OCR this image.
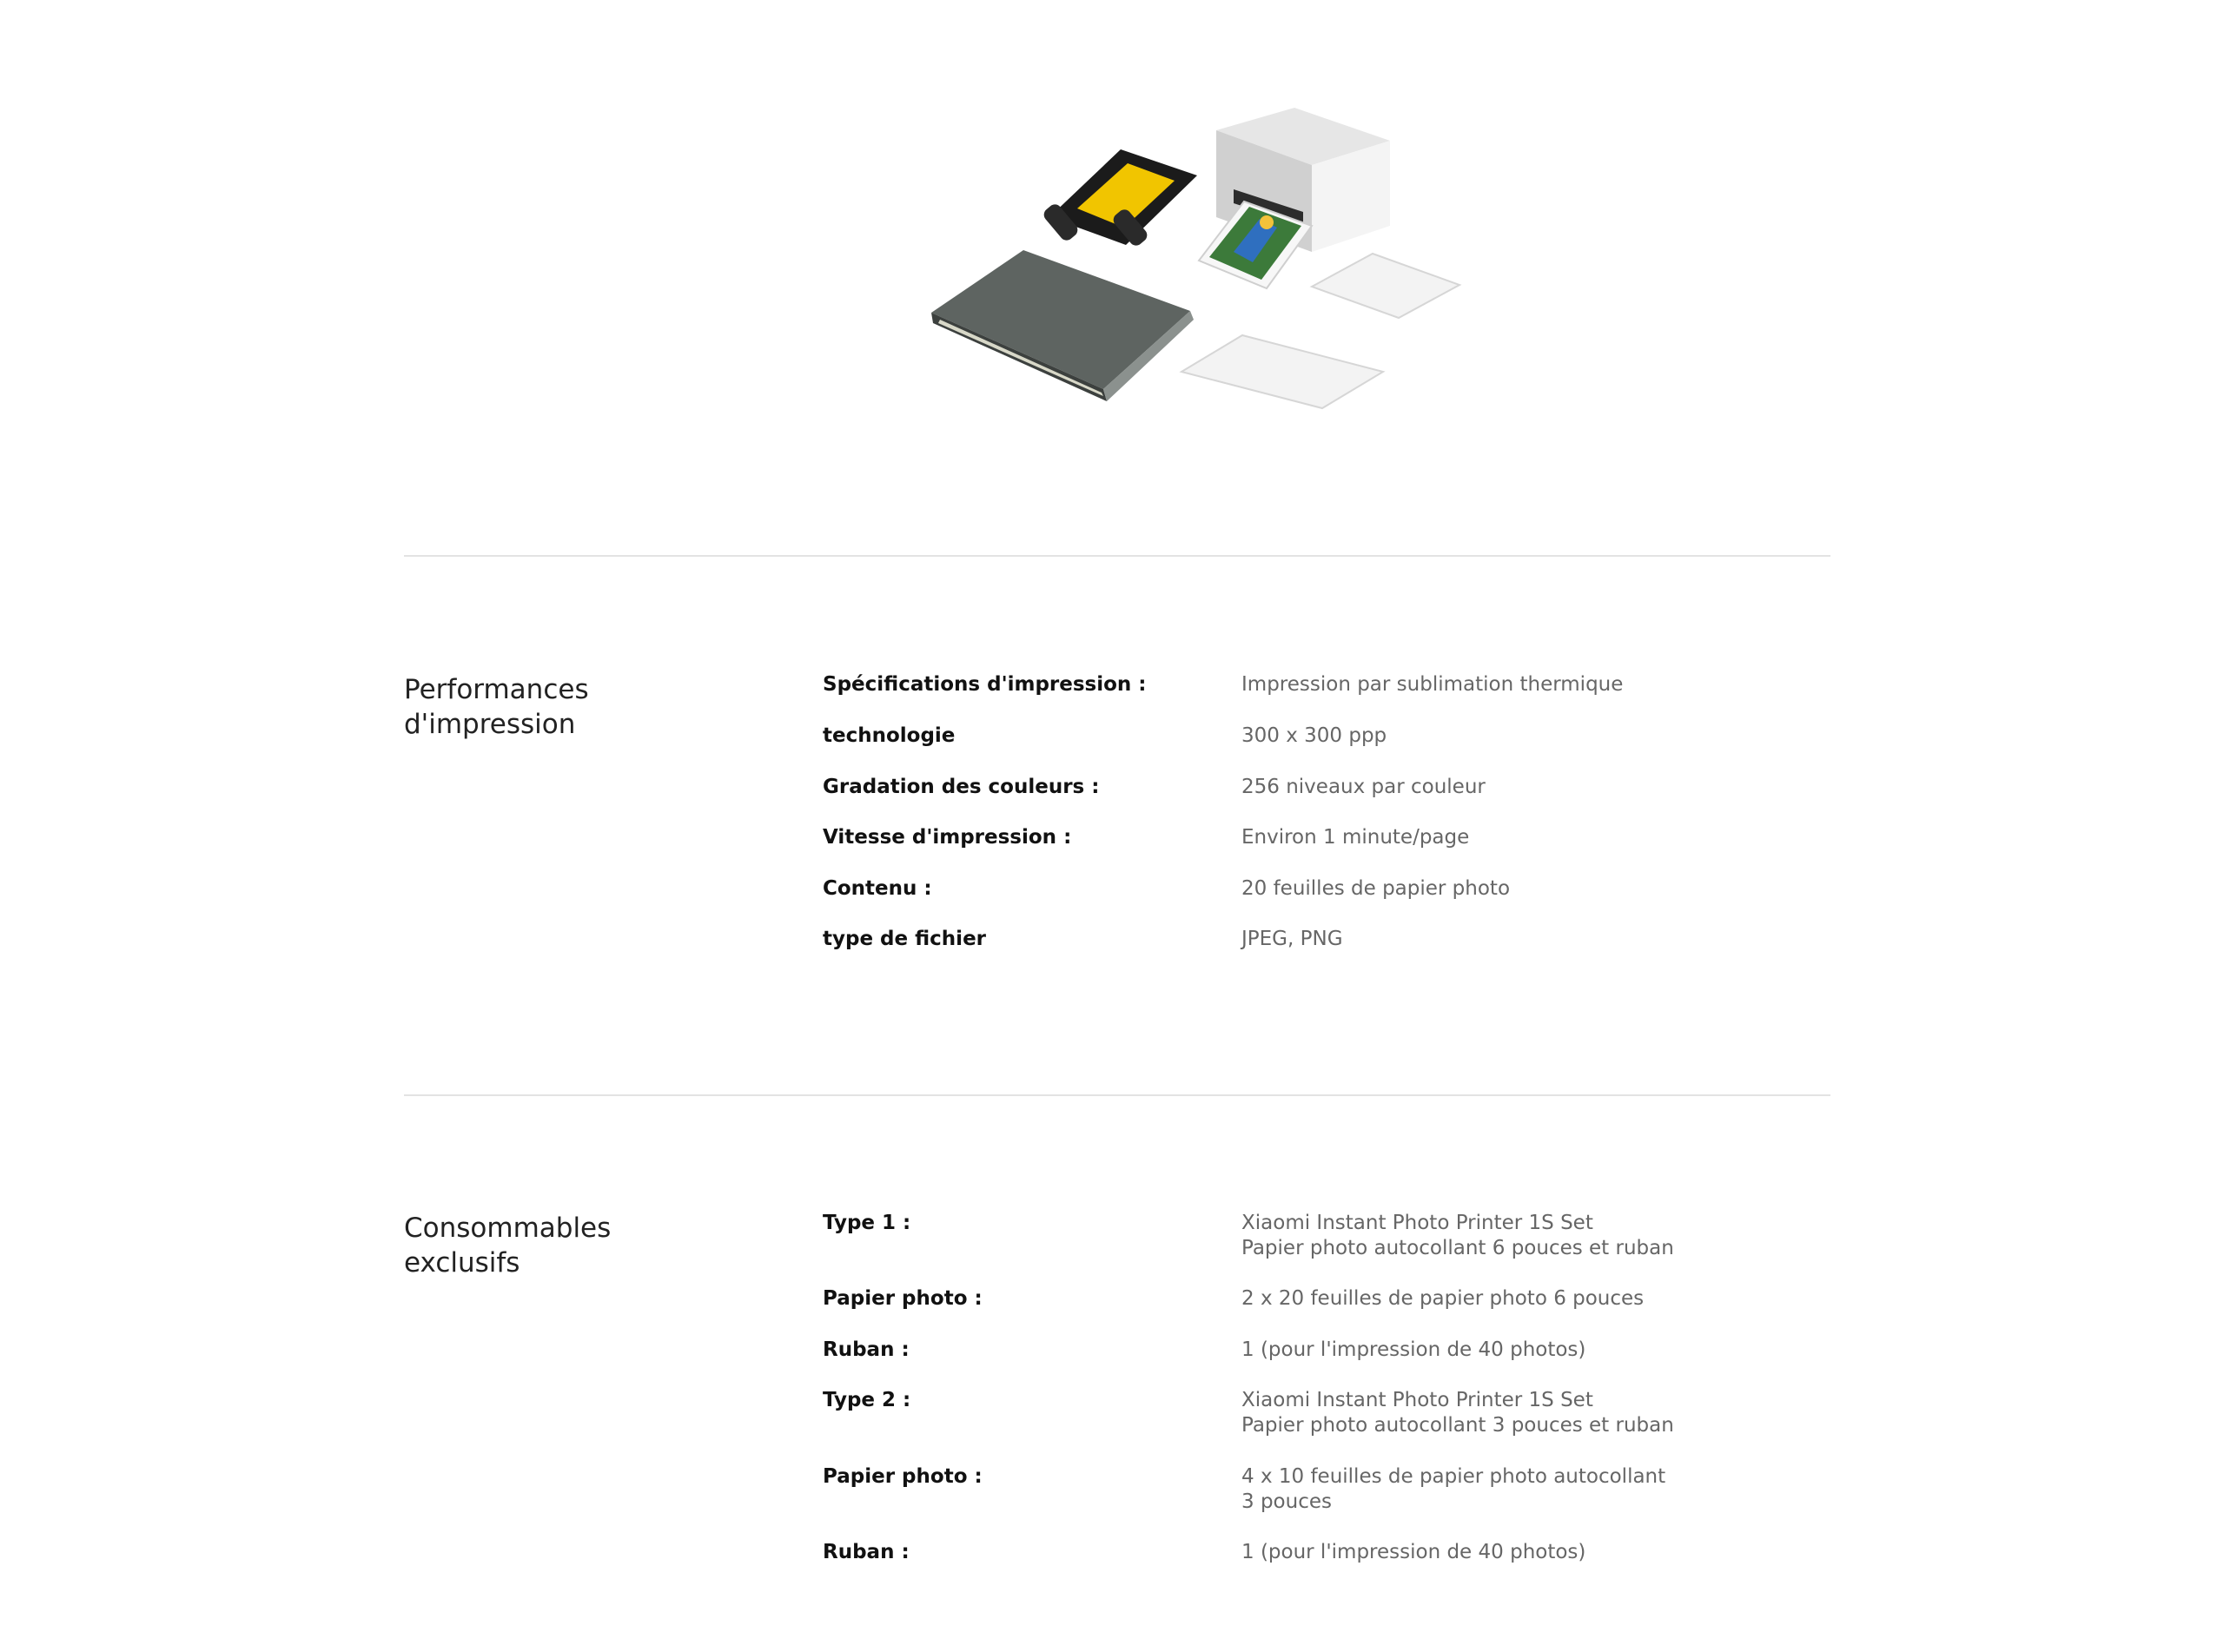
Performances
d'impression
Spécifications d'impression :	Impression par sublimation thermique
technologie	300 x 300 ppp
Gradation des couleurs :	256 niveaux par couleur
Vitesse d'impression :	Environ 1 minute/page
Contenu :	20 feuilles de papier photo
type de fichier	JPEG, PNG
Consommables
exclusifs
Type 1 :	Xiaomi Instant Photo Printer 1S Set
Papier photo autocollant 6 pouces et ruban
Papier photo :	2 x 20 feuilles de papier photo 6 pouces
Ruban :	1 (pour l'impression de 40 photos)
Type 2 :	Xiaomi Instant Photo Printer 1S Set
Papier photo autocollant 3 pouces et ruban
Papier photo :	4 x 10 feuilles de papier photo autocollant
3 pouces
Ruban :	1 (pour l'impression de 40 photos)
